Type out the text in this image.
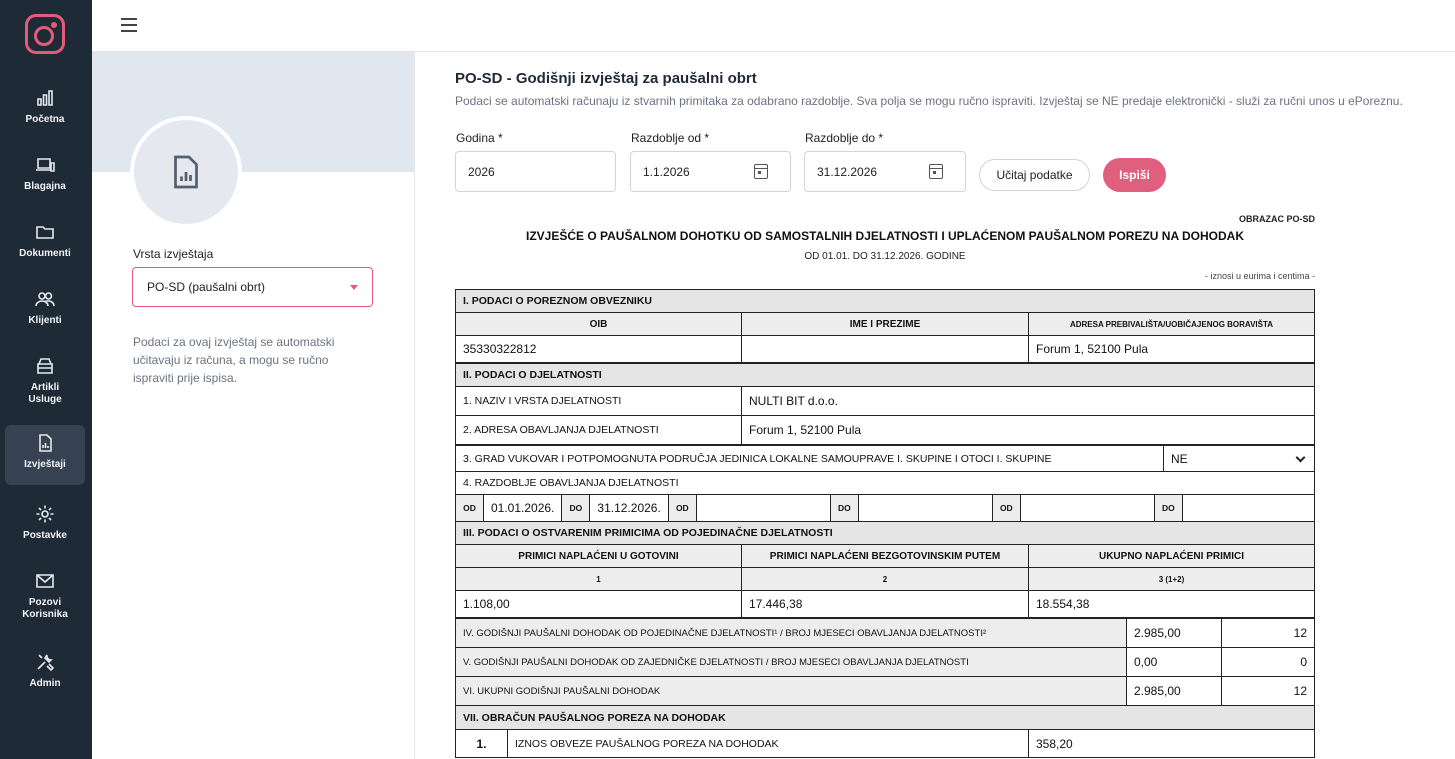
Početna
Blagajna
Dokumenti
Klijenti
Artikli
Usluge
Izvještaji
Postavke
Pozovi
Korisnika
Admin
Vrsta izvještaja
PO-SD (paušalni obrt)
Podaci za ovaj izvještaj se automatski učitavaju iz računa, a mogu se ručno ispraviti prije ispisa.
PO-SD - Godišnji izvještaj za paušalni obrt
Podaci se automatski računaju iz stvarnih primitaka za odabrano razdoblje. Sva polja se mogu ručno ispraviti. Izvještaj se NE predaje elektronički - služi za ručni unos u ePoreznu.
Godina *
2026
Razdoblje od *
1.1.2026
Razdoblje do *
31.12.2026	Učitaj podatke	Ispiši
OBRAZAC PO-SD
IZVJEŠĆE O PAUŠALNOM DOHOTKU OD SAMOSTALNIH DJELATNOSTI I UPLAĆENOM PAUŠALNOM POREZU NA DOHODAK
OD 01.01. DO 31.12.2026. GODINE
- iznosi u eurima i centima -
I. PODACI O POREZNOM OBVEZNIKU		
OIB	IME I PREZIME	ADRESA PREBIVALIŠTA/UOBIČAJENOG BORAVIŠTA
35330322812		Forum 1, 52100 Pula
II. PODACI O DJELATNOSTI	
1. NAZIV I VRSTA DJELATNOSTI	NULTI BIT d.o.o.
2. ADRESA OBAVLJANJA DJELATNOSTI	Forum 1, 52100 Pula
3. GRAD VUKOVAR I POTPOMOGNUTA PODRUČJA JEDINICA LOKALNE SAMOUPRAVE I. SKUPINE I OTOCI I. SKUPINE	NE

4. RAZDOBLJE OBAVLJANJA DJELATNOSTI
OD	01.01.2026.	DO	31.12.2026.	OD		DO		OD		DO	
III. PODACI O OSTVARENIM PRIMICIMA OD POJEDINAČNE DJELATNOSTI		
PRIMICI NAPLAĆENI U GOTOVINI	PRIMICI NAPLAĆENI BEZGOTOVINSKIM PUTEM	UKUPNO NAPLAĆENI PRIMICI
1	2	3 (1+2)
1.108,00	17.446,38	18.554,38
IV. GODIŠNJI PAUŠALNI DOHODAK OD POJEDINAČNE DJELATNOSTI¹ / BROJ MJESECI OBAVLJANJA DJELATNOSTI²	2.985,00	12
V. GODIŠNJI PAUŠALNI DOHODAK OD ZAJEDNIČKE DJELATNOSTI / BROJ MJESECI OBAVLJANJA DJELATNOSTI	0,00	0
VI. UKUPNI GODIŠNJI PAUŠALNI DOHODAK	2.985,00	12
VII. OBRAČUN PAUŠALNOG POREZA NA DOHODAK
1.	IZNOS OBVEZE PAUŠALNOG POREZA NA DOHODAK	358,20
